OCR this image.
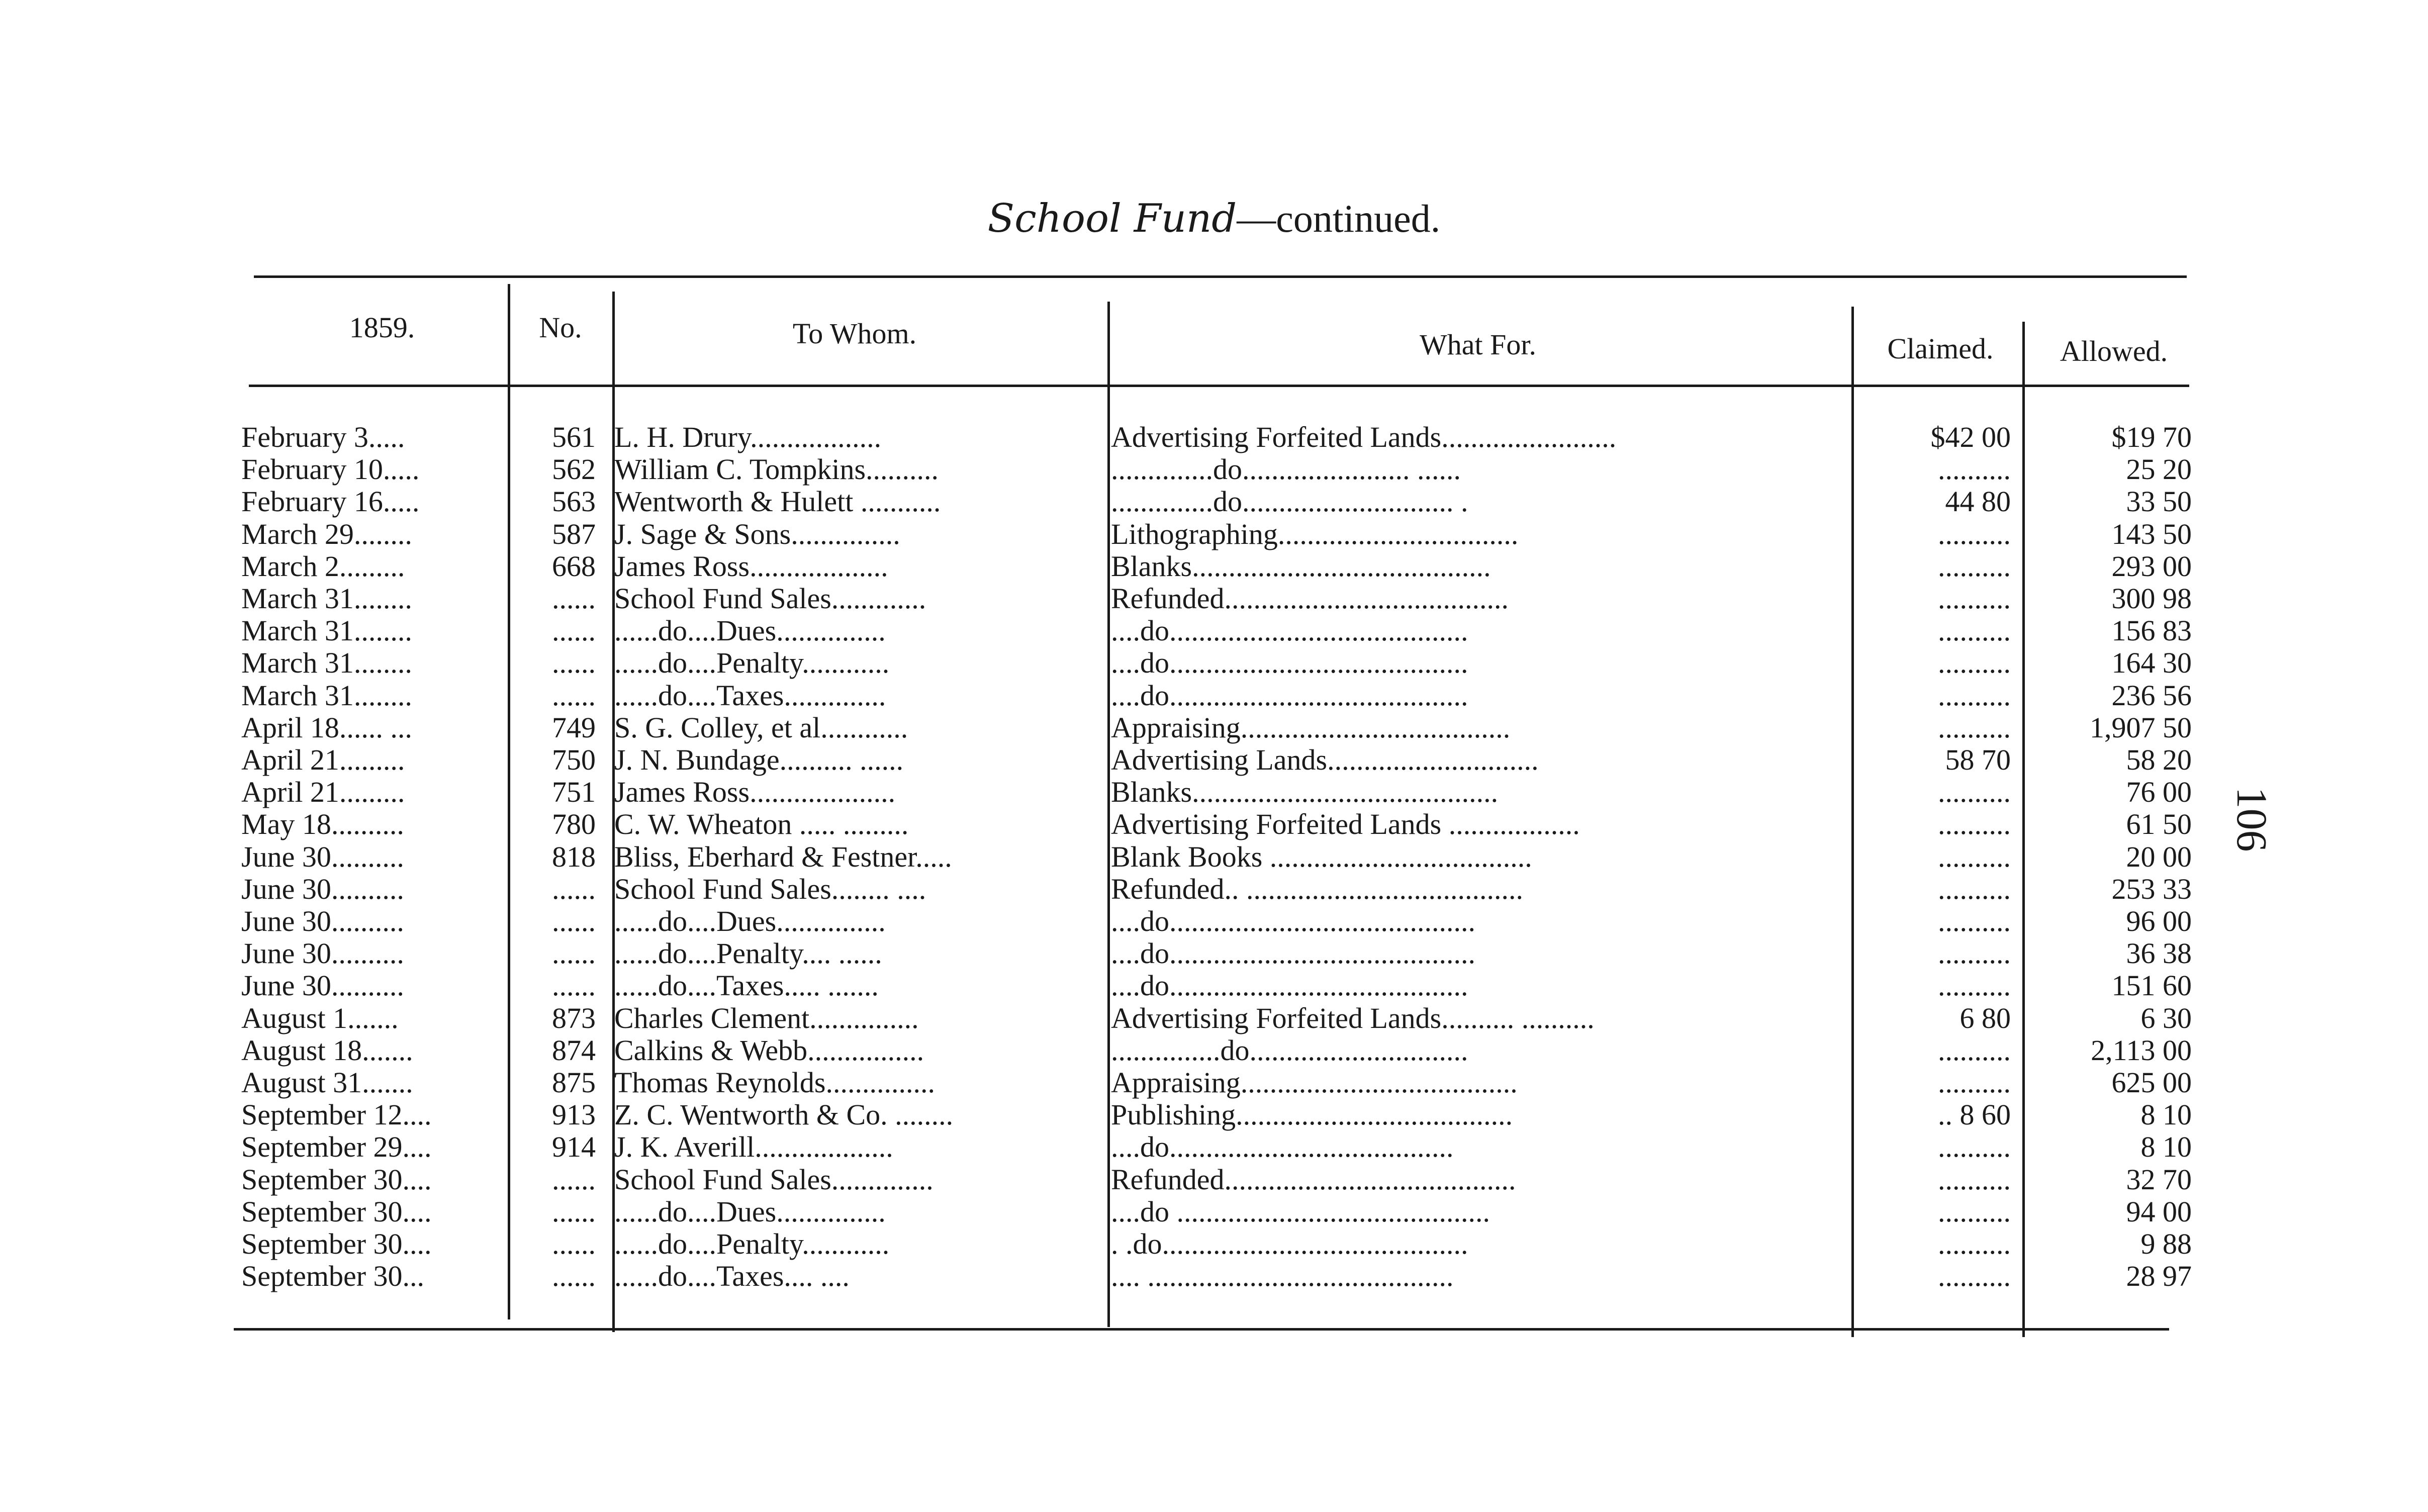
School Fund—continued.
1859.	No.	To Whom.	What For.	Claimed.	Allowed.
February 3.....	561 L. H. Drury..................	Advertising Forfeited Lands........................	$42 00	$19 70
February 10.....	562 William C. Tompkins..........	..............do....................... ......	..........	25 20
February 16.....	563 Wentworth & Hulett ...........	..............do............................. .	44 80	33 50
March 29........	587 J. Sage & Sons...............	Lithographing.................................	..........	143 50
March 2.........	668 James Ross...................	Blanks.........................................	..........	293 00
March 31........	...... School Fund Sales.............	Refunded.......................................	..........	300 98
March 31........	...... ......do....Dues...............	....do.........................................	..........	156 83
March 31........	...... ......do....Penalty............	....do.........................................	..........	164 30
March 31........	...... ......do....Taxes..............	....do.........................................	..........	236 56
April 18...... ...	749 S. G. Colley, et al............	Appraising.....................................	..........	1,907 50
April 21.........	750 J. N. Bundage.......... ......	Advertising Lands.............................	58 70	58 20
April 21.........	751 James Ross....................	Blanks..........................................	..........	76 00
May 18..........	780 C. W. Wheaton ..... .........	Advertising Forfeited Lands ..................	..........	61 50
June 30..........	818 Bliss, Eberhard & Festner.....	Blank Books ....................................	..........	20 00
June 30..........	...... School Fund Sales........ ....	Refunded.. ......................................	..........	253 33
June 30..........	...... ......do....Dues...............	....do..........................................	..........	96 00
June 30..........	...... ......do....Penalty.... ......	....do..........................................	..........	36 38
June 30..........	...... ......do....Taxes..... .......	....do.........................................	..........	151 60
August 1.......	873 Charles Clement...............	Advertising Forfeited Lands.......... ..........	6 80	6 30
August 18.......	874 Calkins & Webb................	...............do..............................	..........	2,113 00
August 31.......	875 Thomas Reynolds...............	Appraising......................................	..........	625 00
September 12....	913 Z. C. Wentworth & Co. ........	Publishing......................................	.. 8 60	8 10
September 29....	914 J. K. Averill...................	....do.......................................	..........	8 10
September 30....	...... School Fund Sales..............	Refunded........................................	..........	32 70
September 30....	...... ......do....Dues...............	....do ...........................................	..........	94 00
September 30....	...... ......do....Penalty............	. .do..........................................	..........	9 88
September 30...	...... ......do....Taxes.... ....	.... ..........................................	..........	28 97
106
